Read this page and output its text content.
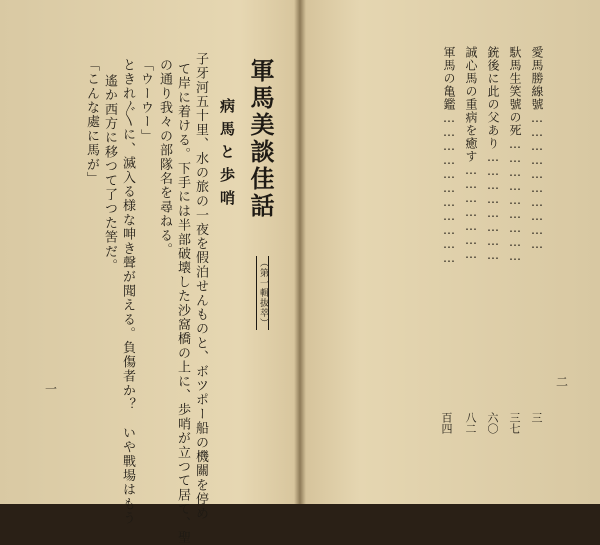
軍馬美談佳話
（第一輯抜萃）
病馬と歩哨
子牙河五十里、水の旅の一夜を假泊せんものと、ボツポー船の機關を停め
て岸に着ける。下手には半部破壊した沙窩橋の上に、歩哨が立つて居て、聖
の通り我々の部隊名を尋ねる。
「ウーウー」
ときれ〴〵に、滅入る様な呻き聲が聞える。負傷者か？　いや戰場はもう
遙か西方に移つて了つた筈だ。
「こんな處に馬が」
一
愛馬勝線號…………………………
馱馬生笑號の死………………………
銃後に此の父あり……………………
誠心馬の重病を癒す…………………
軍馬の亀鑑……………………………
三
三七
六〇
八二
百四
二
